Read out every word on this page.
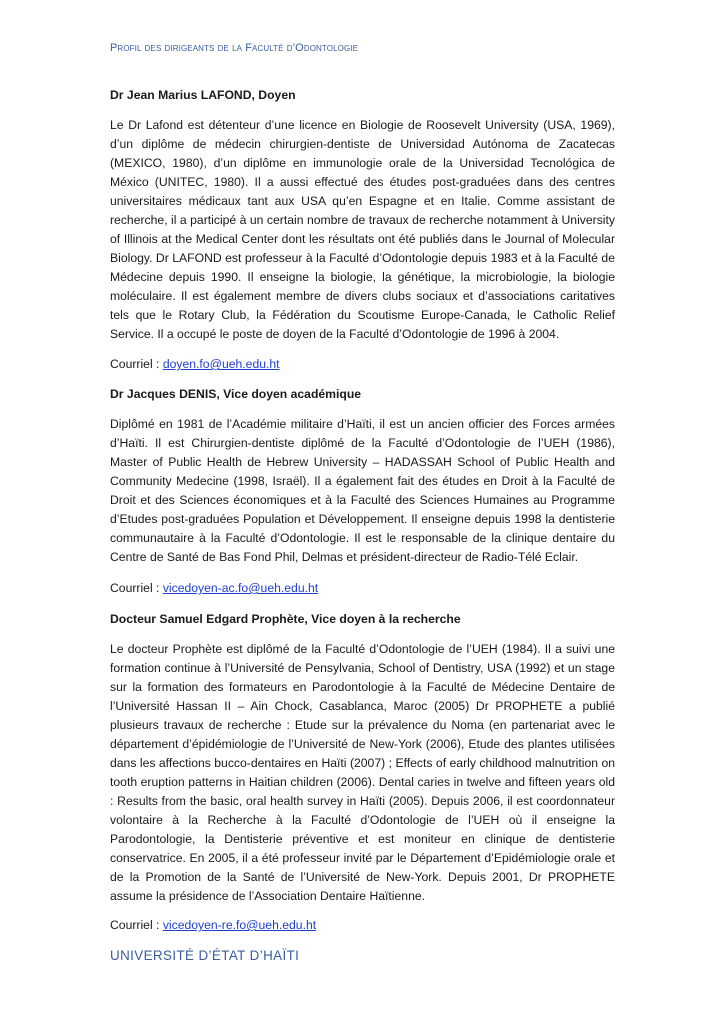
Profil des dirigeants de la Faculté d’Odontologie
Dr Jean Marius LAFOND, Doyen
Le Dr Lafond est détenteur d’une licence en Biologie de Roosevelt University (USA, 1969), d’un diplôme de médecin chirurgien-dentiste de Universidad Autónoma de Zacatecas (MEXICO, 1980), d’un diplôme en immunologie orale de la Universidad Tecnológica de México (UNITEC, 1980). Il a aussi effectué des études post-graduées dans des centres universitaires médicaux tant aux USA qu’en Espagne et en Italie. Comme assistant de recherche, il a participé à un certain nombre de travaux de recherche notamment à University of Illinois at the Medical Center dont les résultats ont été publiés dans le Journal of Molecular Biology. Dr LAFOND est professeur à la Faculté d’Odontologie depuis 1983 et à la Faculté de Médecine depuis 1990. Il enseigne la biologie, la génétique, la microbiologie, la biologie moléculaire. Il est également membre de divers clubs sociaux et d’associations caritatives tels que le Rotary Club, la Fédération du Scoutisme Europe-Canada, le Catholic Relief Service. Il a occupé le poste de doyen de la Faculté d’Odontologie de 1996 à 2004.
Courriel : doyen.fo@ueh.edu.ht
Dr Jacques DENIS, Vice doyen académique
Diplômé en 1981 de l’Académie militaire d’Haïti, il est un ancien officier des Forces armées d’Haïti. Il est Chirurgien-dentiste diplômé de la Faculté d’Odontologie de l’UEH (1986), Master of Public Health de Hebrew University – HADASSAH School of Public Health and Community Medecine (1998, Israël). Il a également fait des études en Droit à la Faculté de Droit et des Sciences économiques et à la Faculté des Sciences Humaines au Programme d’Etudes post-graduées Population et Développement. Il enseigne depuis 1998 la dentisterie communautaire à la Faculté d’Odontologie. Il est le responsable de la clinique dentaire du Centre de Santé de Bas Fond Phil, Delmas et président-directeur de Radio-Télé Eclair.
Courriel : vicedoyen-ac.fo@ueh.edu.ht
Docteur Samuel Edgard Prophète, Vice doyen à la recherche
Le docteur Prophète est diplômé de la Faculté d’Odontologie de l’UEH (1984). Il a suivi une formation continue à l’Université de Pensylvania, School of Dentistry, USA (1992) et un stage sur la formation des formateurs en Parodontologie à la Faculté de Médecine Dentaire de l’Université Hassan II – Ain Chock, Casablanca, Maroc (2005) Dr PROPHETE a publié plusieurs travaux de recherche : Etude sur la prévalence du Noma (en partenariat avec le département d’épidémiologie de l’Université de New-York (2006), Etude des plantes utilisées dans les affections bucco-dentaires en Haïti (2007) ; Effects of early childhood malnutrition on tooth eruption patterns in Haitian children (2006). Dental caries in twelve and fifteen years old : Results from the basic, oral health survey in Haïti (2005). Depuis 2006, il est coordonnateur volontaire à la Recherche à la Faculté d’Odontologie de l’UEH où il enseigne la Parodontologie, la Dentisterie préventive et est moniteur en clinique de dentisterie conservatrice. En 2005, il a été professeur invité par le Département d’Epidémiologie orale et de la Promotion de la Santé de l’Université de New-York. Depuis 2001, Dr PROPHETE assume la présidence de l’Association Dentaire Haïtienne.
Courriel : vicedoyen-re.fo@ueh.edu.ht
UNIVERSITÉ D’ÉTAT D’HAÏTI
